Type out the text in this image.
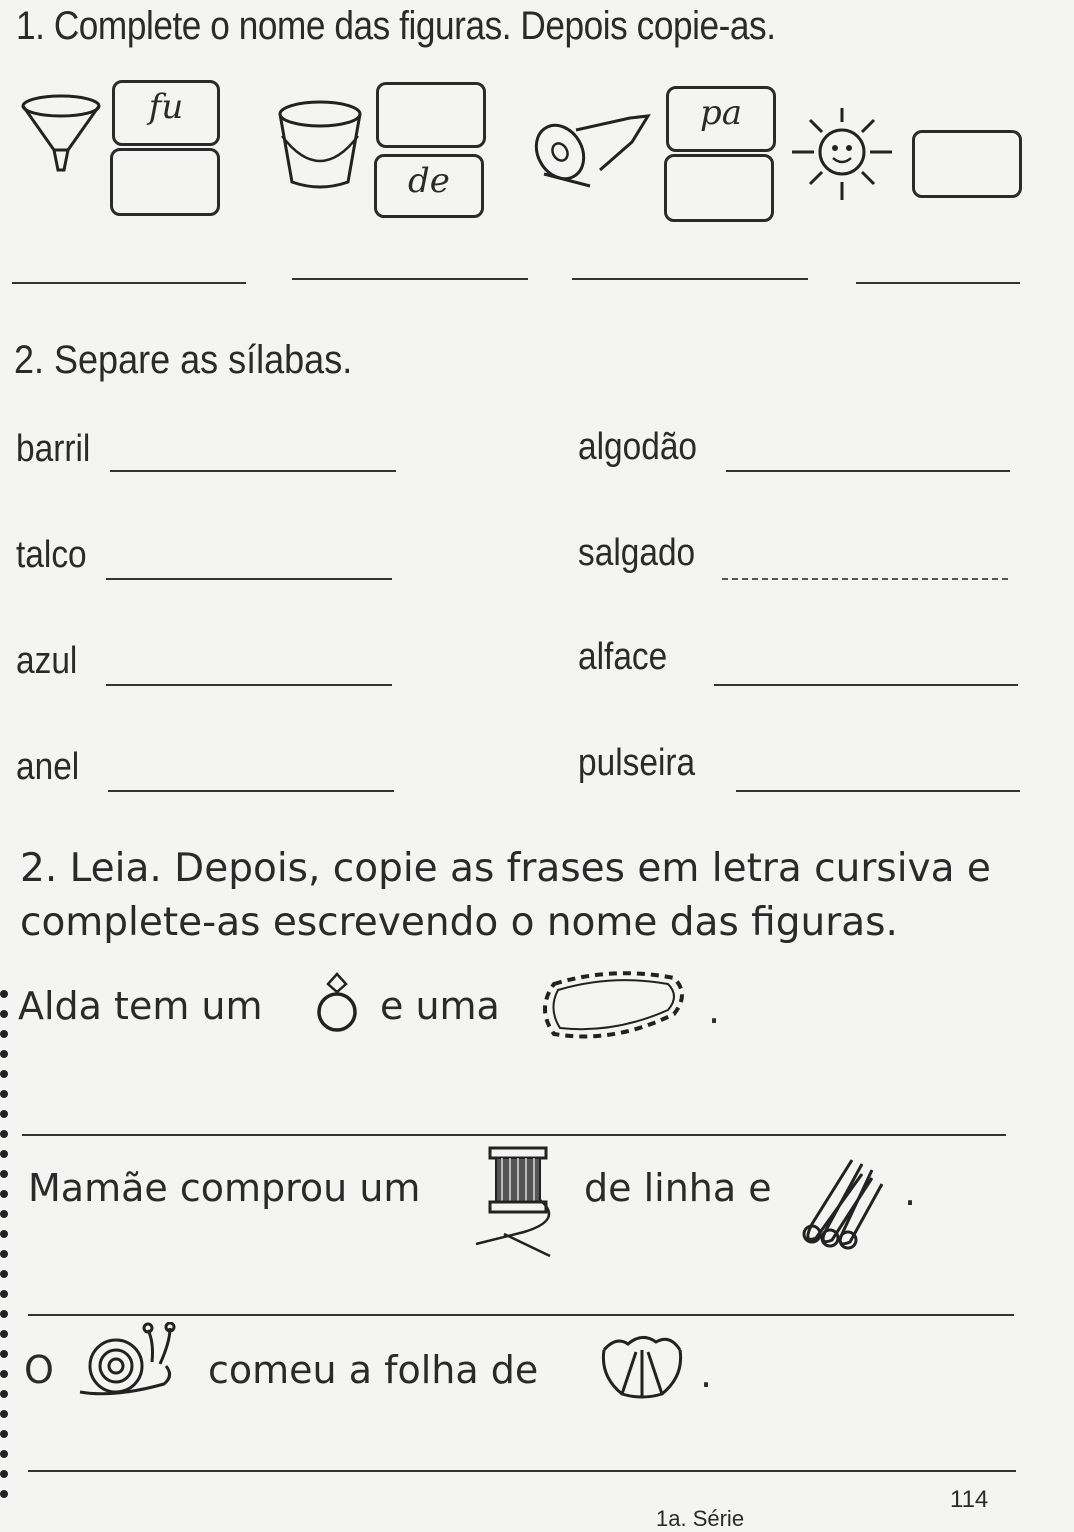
1. Complete o nome das figuras. Depois copie-as.
fu
de
pa
2. Separe as sílabas.
barril
talco
azul
anel
algodão
salgado
alface
pulseira
2. Leia. Depois, copie as frases em letra cursiva e complete-as escrevendo o nome das figuras.
Alda tem um	e uma	.
Mamãe comprou um	de linha e	.
O	comeu a folha de	.
114
1a. Série
